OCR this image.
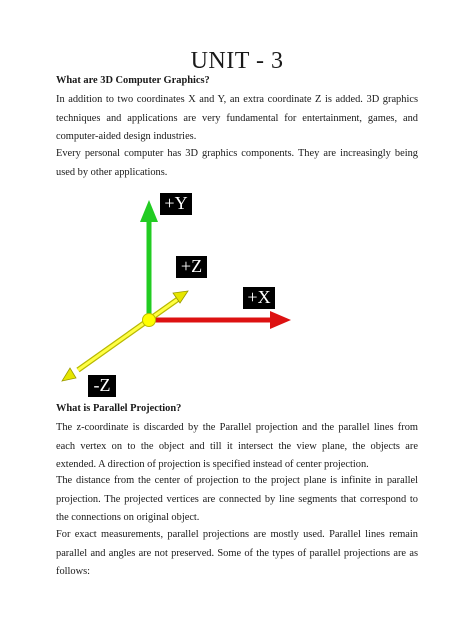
UNIT - 3
What are 3D Computer Graphics?

In addition to two coordinates X and Y, an extra coordinate Z is added. 3D graphics techniques and applications are very fundamental for entertainment, games, and computer-aided design industries.

Every personal computer has 3D graphics components. They are increasingly being used by other applications.

+Y
+Z
+X
-Z
What is Parallel Projection?

The z-coordinate is discarded by the Parallel projection and the parallel lines from each vertex on to the object and till it intersect the view plane, the objects are extended. A direction of projection is specified instead of center projection.

The distance from the center of projection to the project plane is infinite in parallel projection. The projected vertices are connected by line segments that correspond to the connections on original object.

For exact measurements, parallel projections are mostly used. Parallel lines remain parallel and angles are not preserved. Some of the types of parallel projections are as follows:
